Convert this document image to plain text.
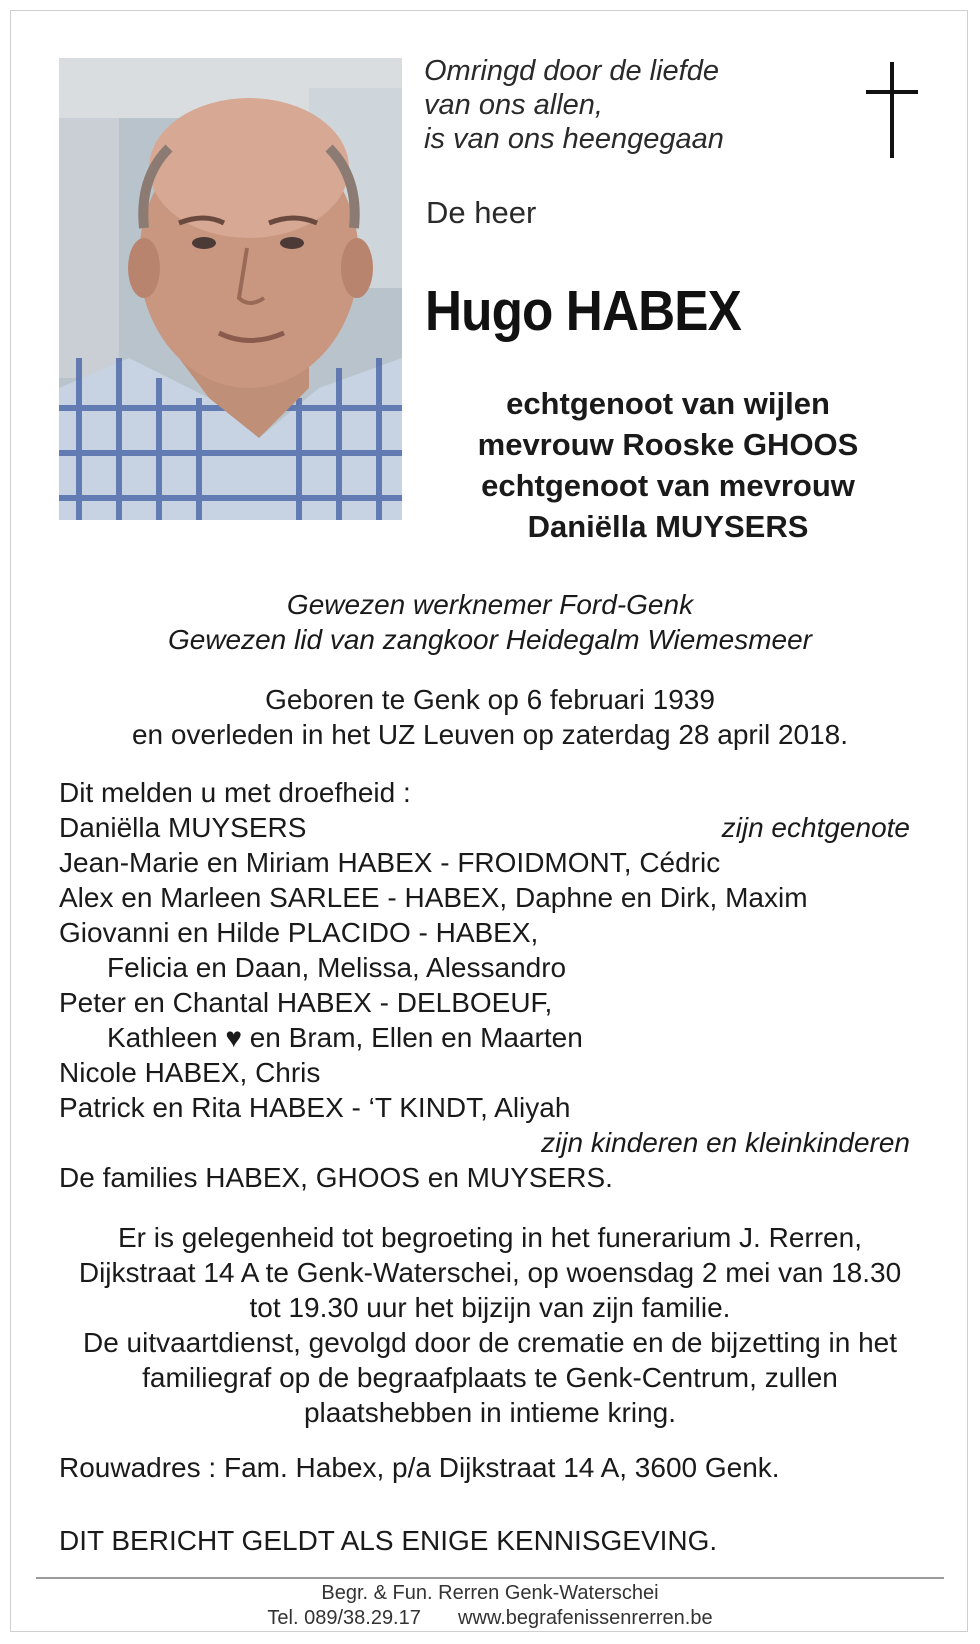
Omringd door de liefde
van ons allen,
is van ons heengegaan
De heer
Hugo HABEX
echtgenoot van wijlen
mevrouw Rooske GHOOS
echtgenoot van mevrouw
Daniëlla MUYSERS
Gewezen werknemer Ford-Genk
Gewezen lid van zangkoor Heidegalm Wiemesmeer
Geboren te Genk op 6 februari 1939
en overleden in het UZ Leuven op zaterdag 28 april 2018.
Dit melden u met droefheid :
Daniëlla MUYSERS	zijn echtgenote
Jean-Marie en Miriam HABEX - FROIDMONT, Cédric
Alex en Marleen SARLEE - HABEX, Daphne en Dirk, Maxim
Giovanni en Hilde PLACIDO - HABEX,
Felicia en Daan, Melissa, Alessandro
Peter en Chantal HABEX - DELBOEUF,
Kathleen ♥ en Bram, Ellen en Maarten
Nicole HABEX, Chris
Patrick en Rita HABEX - ‘T KINDT, Aliyah
zijn kinderen en kleinkinderen
De families HABEX, GHOOS en MUYSERS.
Er is gelegenheid tot begroeting in het funerarium J. Rerren, Dijkstraat 14 A te Genk-Waterschei, op woensdag 2 mei van 18.30 tot 19.30 uur het bijzijn van zijn familie.
De uitvaartdienst, gevolgd door de crematie en de bijzetting in het familiegraf op de begraafplaats te Genk-Centrum, zullen plaatshebben in intieme kring.
Rouwadres : Fam. Habex, p/a Dijkstraat 14 A, 3600 Genk.
DIT BERICHT GELDT ALS ENIGE KENNISGEVING.
Begr. & Fun. Rerren Genk-Waterschei
Tel. 089/38.29.17 www.begrafenissenrerren.be
